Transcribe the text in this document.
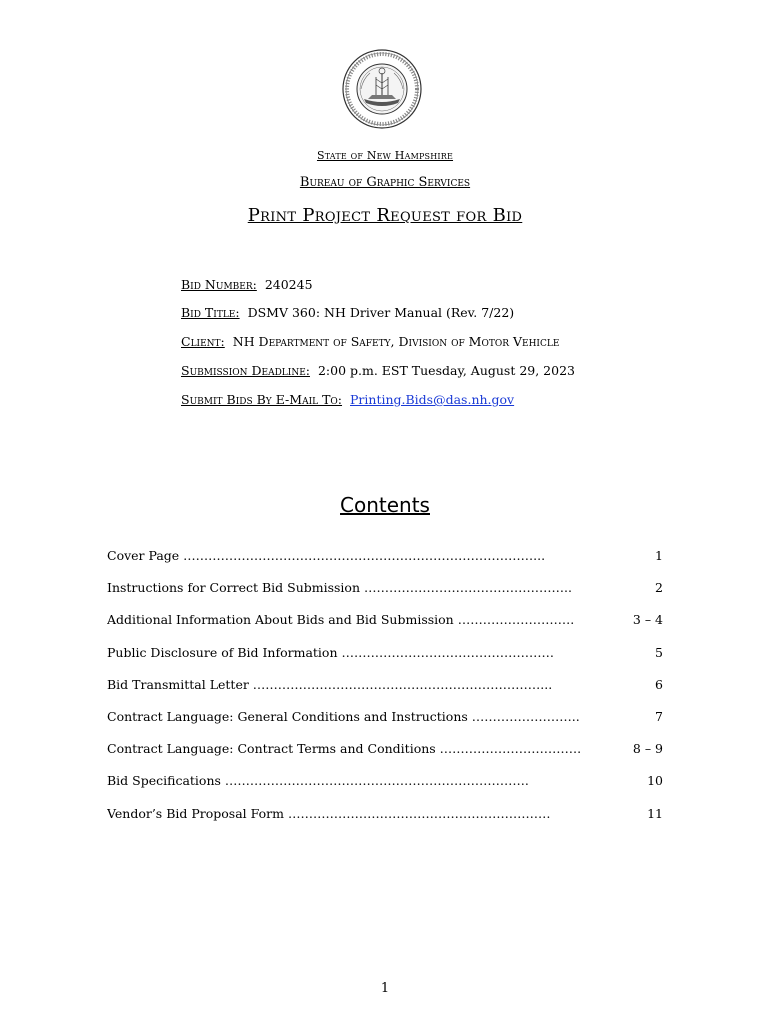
State of New Hampshire
Bureau of Graphic Services
Print Project Request for Bid
Bid Number: 240245
Bid Title: DSMV 360: NH Driver Manual (Rev. 7/22)
Client: NH Department of Safety, Division of Motor Vehicle
Submission Deadline: 2:00 p.m. EST Tuesday, August 29, 2023
Submit Bids By E-Mail To: Printing.Bids@das.nh.gov
Contents
Cover Page …………………………………………………………………………...	1
Instructions for Correct Bid Submission …………………………………………..	2
Additional Information About Bids and Bid Submission ……………………….	3 – 4
Public Disclosure of Bid Information ……………………………………………	5
Bid Transmittal Letter ……………………………………………………………...	6
Contract Language: General Conditions and Instructions ……………………..	7
Contract Language: Contract Terms and Conditions …………………………….	8 – 9
Bid Specifications ……………………………………………………………….	10
Vendor’s Bid Proposal Form ………………………………………………………	11
1
